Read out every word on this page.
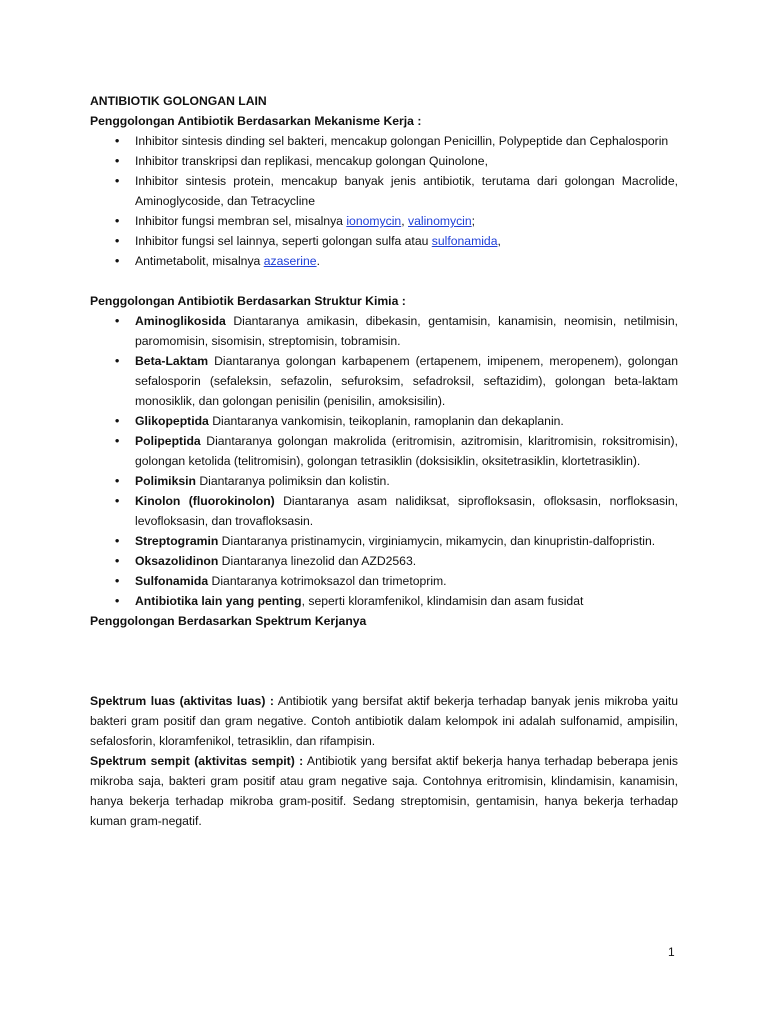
ANTIBIOTIK GOLONGAN LAIN

Penggolongan Antibiotik Berdasarkan Mekanisme Kerja :

• Inhibitor sintesis dinding sel bakteri, mencakup golongan Penicillin, Polypeptide dan Cephalosporin
• Inhibitor transkripsi dan replikasi, mencakup golongan Quinolone,
• Inhibitor sintesis protein, mencakup banyak jenis antibiotik, terutama dari golongan Macrolide, Aminoglycoside, dan Tetracycline
• Inhibitor fungsi membran sel, misalnya ionomycin, valinomycin;
• Inhibitor fungsi sel lainnya, seperti golongan sulfa atau sulfonamida,
• Antimetabolit, misalnya azaserine.

Penggolongan Antibiotik Berdasarkan Struktur Kimia :

• Aminoglikosida Diantaranya amikasin, dibekasin, gentamisin, kanamisin, neomisin, netilmisin, paromomisin, sisomisin, streptomisin, tobramisin.
• Beta-Laktam Diantaranya golongan karbapenem (ertapenem, imipenem, meropenem), golongan sefalosporin (sefaleksin, sefazolin, sefuroksim, sefadroksil, seftazidim), golongan beta-laktam monosiklik, dan golongan penisilin (penisilin, amoksisilin).
• Glikopeptida Diantaranya vankomisin, teikoplanin, ramoplanin dan dekaplanin.
• Polipeptida Diantaranya golongan makrolida (eritromisin, azitromisin, klaritromisin, roksitromisin), golongan ketolida (telitromisin), golongan tetrasiklin (doksisiklin, oksitetrasiklin, klortetrasiklin).
• Polimiksin Diantaranya polimiksin dan kolistin.
• Kinolon (fluorokinolon) Diantaranya asam nalidiksat, siprofloksasin, ofloksasin, norfloksasin, levofloksasin, dan trovafloksasin.
• Streptogramin Diantaranya pristinamycin, virginiamycin, mikamycin, dan kinupristin-dalfopristin.
• Oksazolidinon Diantaranya linezolid dan AZD2563.
• Sulfonamida Diantaranya kotrimoksazol dan trimetoprim.
• Antibiotika lain yang penting, seperti kloramfenikol, klindamisin dan asam fusidat

Penggolongan Berdasarkan Spektrum Kerjanya

Spektrum luas (aktivitas luas) : Antibiotik yang bersifat aktif bekerja terhadap banyak jenis mikroba yaitu bakteri gram positif dan gram negative. Contoh antibiotik dalam kelompok ini adalah sulfonamid, ampisilin, sefalosforin, kloramfenikol, tetrasiklin, dan rifampisin.

Spektrum sempit (aktivitas sempit) : Antibiotik yang bersifat aktif bekerja hanya terhadap beberapa jenis mikroba saja, bakteri gram positif atau gram negative saja. Contohnya eritromisin, klindamisin, kanamisin, hanya bekerja terhadap mikroba gram-positif. Sedang streptomisin, gentamisin, hanya bekerja terhadap kuman gram-negatif.

1
